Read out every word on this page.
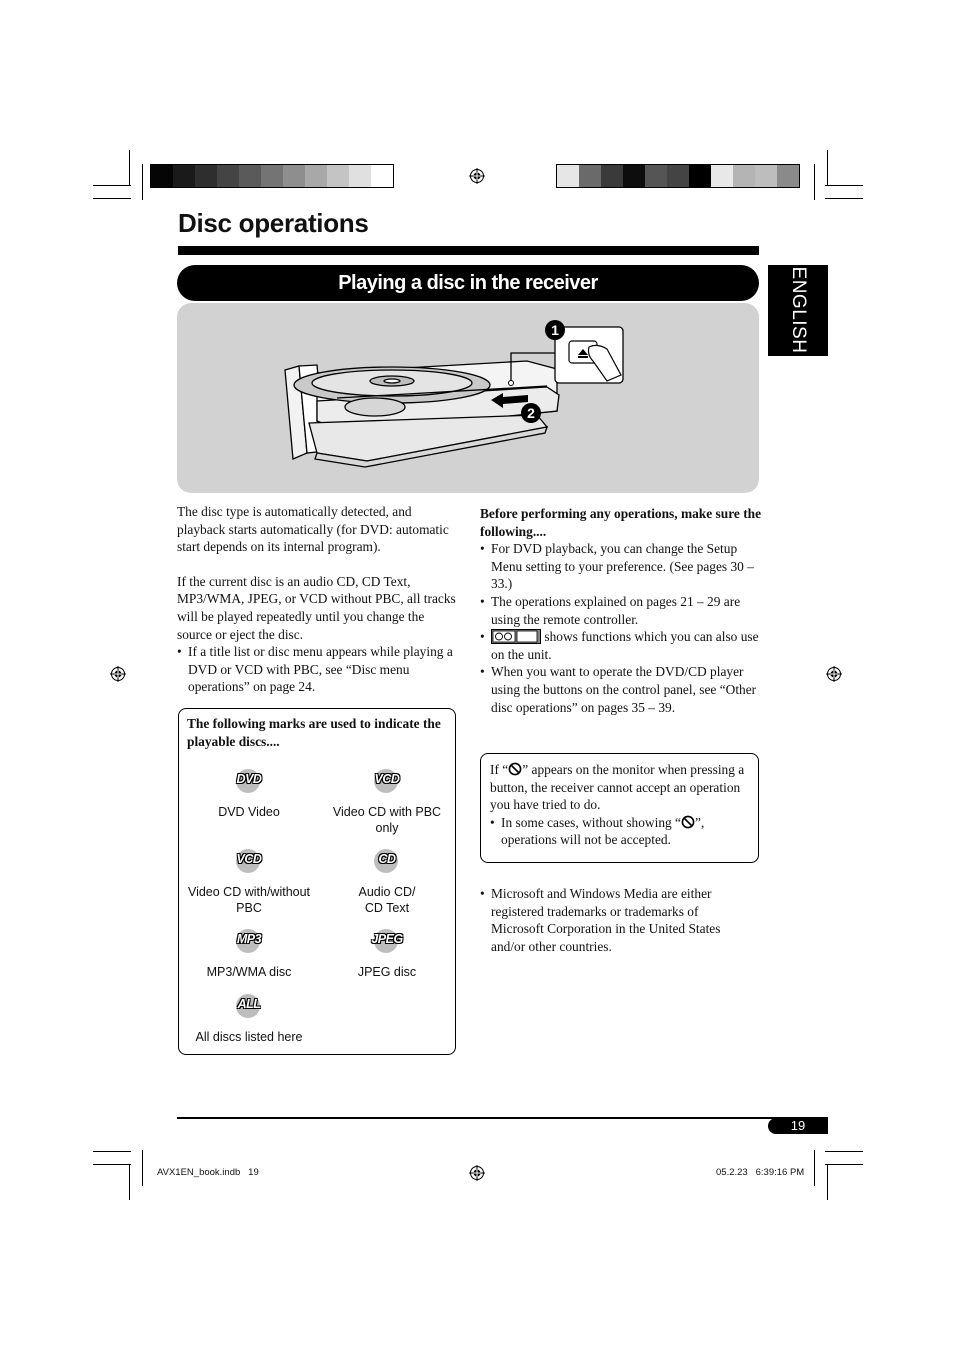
Disc operations
Playing a disc in the receiver	ENGLISH
1
2

The disc type is automatically detected, and playback starts automatically (for DVD: automatic start depends on its internal program).

If the current disc is an audio CD, CD Text, MP3/WMA, JPEG, or VCD without PBC, all tracks will be played repeatedly until you change the source or eject the disc.

• If a title list or disc menu appears while playing a DVD or VCD with PBC, see “Disc menu operations” on page 24.
The following marks are used to indicate the playable discs....
DVD
DVD Video
VCD
Video CD with PBC only
VCD
Video CD with/without PBC
CD
Audio CD/ CD Text
MP3
MP3/WMA disc
JPEG
JPEG disc
ALL
All discs listed here
Before performing any operations, make sure the following....
• For DVD playback, you can change the Setup Menu setting to your preference. (See pages 30 – 33.)
• The operations explained on pages 21 – 29 are using the remote controller.
• shows functions which you can also use on the unit.
• When you want to operate the DVD/CD player using the buttons on the control panel, see “Other disc operations” on pages 35 – 39.
If “ ” appears on the monitor when pressing a button, the receiver cannot accept an operation you have tried to do.
• In some cases, without showing “ ”, operations will not be accepted.
• Microsoft and Windows Media are either registered trademarks or trademarks of Microsoft Corporation in the United States and/or other countries.
19
AVX1EN_book.indb   19	05.2.23   6:39:16 PM
